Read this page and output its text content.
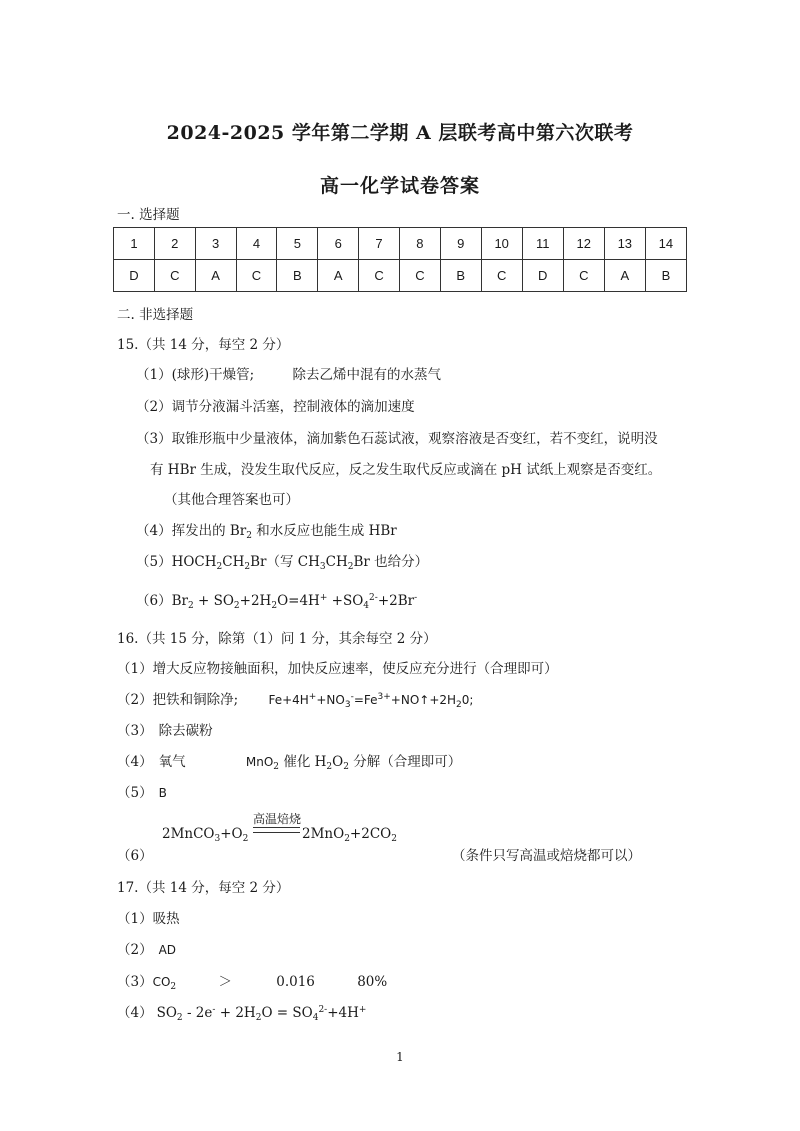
2024-2025 学年第二学期 A 层联考高中第六次联考
高一化学试卷答案
一. 选择题
1	2	3	4	5	6	7	8	9	10	11	12	13	14
D	C	A	C	B	A	C	C	B	C	D	C	A	B
二. 非选择题
15.（共 14 分，每空 2 分）
（1）(球形)干燥管;	除去乙烯中混有的水蒸气
（2）调节分液漏斗活塞，控制液体的滴加速度
（3）取锥形瓶中少量液体，滴加紫色石蕊试液，观察溶液是否变红，若不变红，说明没
有 HBr 生成，没发生取代反应，反之发生取代反应或滴在 pH 试纸上观察是否变红。
（其他合理答案也可）
（4）挥发出的 $Br_2$ 和水反应也能生成 HBr
$(5)HOCH_2CH_2Br$（写 $CH_3CH_2Br$ 也给分）
$(6)Br_2 + SO_2+2H_2O=4H^+ +SO_4^{2-}+2Br^-$
16.（共 15 分，除第（1）问 1 分，其余每空 2 分）
（1）增大反应物接触面积，加快反应速率，使反应充分进行（合理即可）
（2）把铁和铜除净;	$Fe+4H^++NO_3^-=Fe^{3+}+NO↑+2H_20$;
（3） 除去碳粉
（4） 氧气	MnO$_2$ 催化 $H_2O_2$ 分解（合理即可）
（5） B
$2MnCO_3+O_2$
高温焙烧
$2MnO_2+2CO_2$
（6）	（条件只写高温或焙烧都可以）
17.（共 14 分，每空 2 分）
（1）吸热
（2） AD
$(3)CO_2$	＞	0.016	80%
（4） $SO_2 - 2e^- + 2H_2O = SO_4^{2-}+4H^+$
1
